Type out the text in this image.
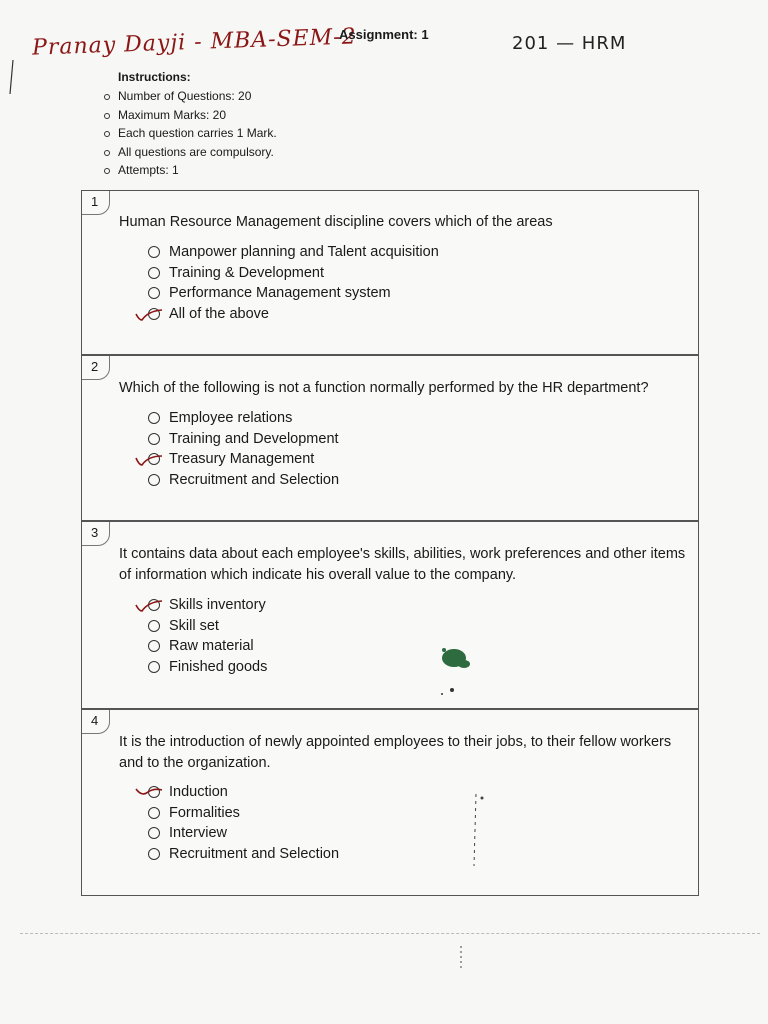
Pranay Dayji - MBA-SEM-2
Assignment: 1	201 — HRM
Instructions:
Number of Questions: 20
Maximum Marks: 20
Each question carries 1 Mark.
All questions are compulsory.
Attempts: 1
1
Human Resource Management discipline covers which of the areas
Manpower planning and Talent acquisition
Training & Development
Performance Management system
All of the above
2
Which of the following is not a function normally performed by the HR department?
Employee relations
Training and Development
Treasury Management
Recruitment and Selection
3
It contains data about each employee's skills, abilities, work preferences and other items of information which indicate his overall value to the company.
Skills inventory
Skill set
Raw material
Finished goods
4
It is the introduction of newly appointed employees to their jobs, to their fellow workers and to the organization.
Induction
Formalities
Interview
Recruitment and Selection
